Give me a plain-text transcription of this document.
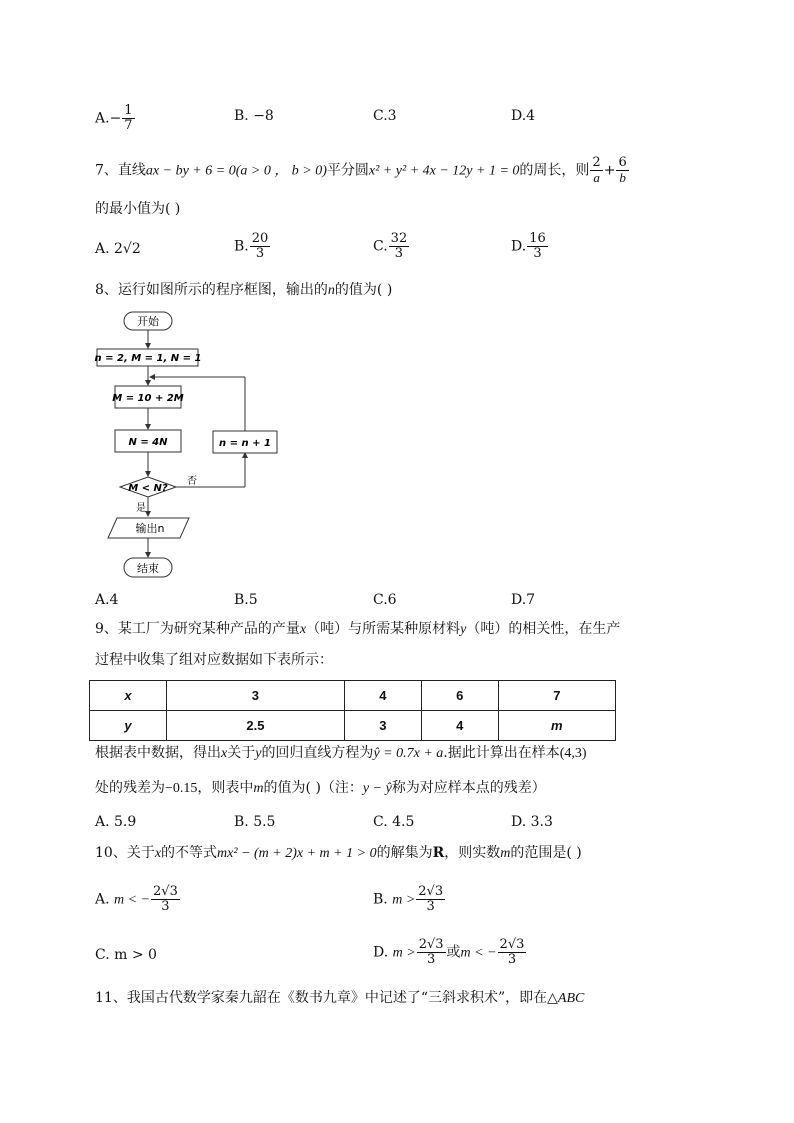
$A.- \frac{1}{7}$	B. −8	C.3	D.4
7、直线ax − by + 6 = 0(a > 0 ， b > 0)平分圆x² + y² + 4x − 12y + 1 = 0的周长，则 $\frac{2}{a} + \frac{6}{b}$
的最小值为( )
A. 2√2	B. $\frac{20}{3}$	C. $\frac{32}{3}$	D. $\frac{16}{3}$
8、运行如图所示的程序框图，输出的n的值为( )
开始
n = 2, M = 1, N = 1
M = 10 + 2M
N = 4N
M < N?
否
n = n + 1
是
输出n
结束
A.4	B.5	C.6	D.7
9、某工厂为研究某种产品的产量x（吨）与所需某种原材料y（吨）的相关性，在生产
过程中收集了组对应数据如下表所示：
x	3	4	6	7
y	2.5	3	4	m
根据表中数据，得出x关于y的回归直线方程为ŷ = 0.7x + a.据此计算出在样本(4,3)
处的残差为−0.15，则表中m的值为( )（注：y − ŷ称为对应样本点的残差）
A. 5.9	B. 5.5	C. 4.5	D. 3.3
10、关于x的不等式mx² − (m + 2)x + m + 1 > 0的解集为R，则实数m的范围是( )
A. m < − $\frac{2√3}{3}$	B. $m > \frac{2√3}{3}$
C. m > 0	D. $m > \frac{2√3}{3}$ 或m < − $\frac{2√3}{3}$
11、我国古代数学家秦九韶在《数书九章》中记述了“三斜求积术”，即在△ABC
